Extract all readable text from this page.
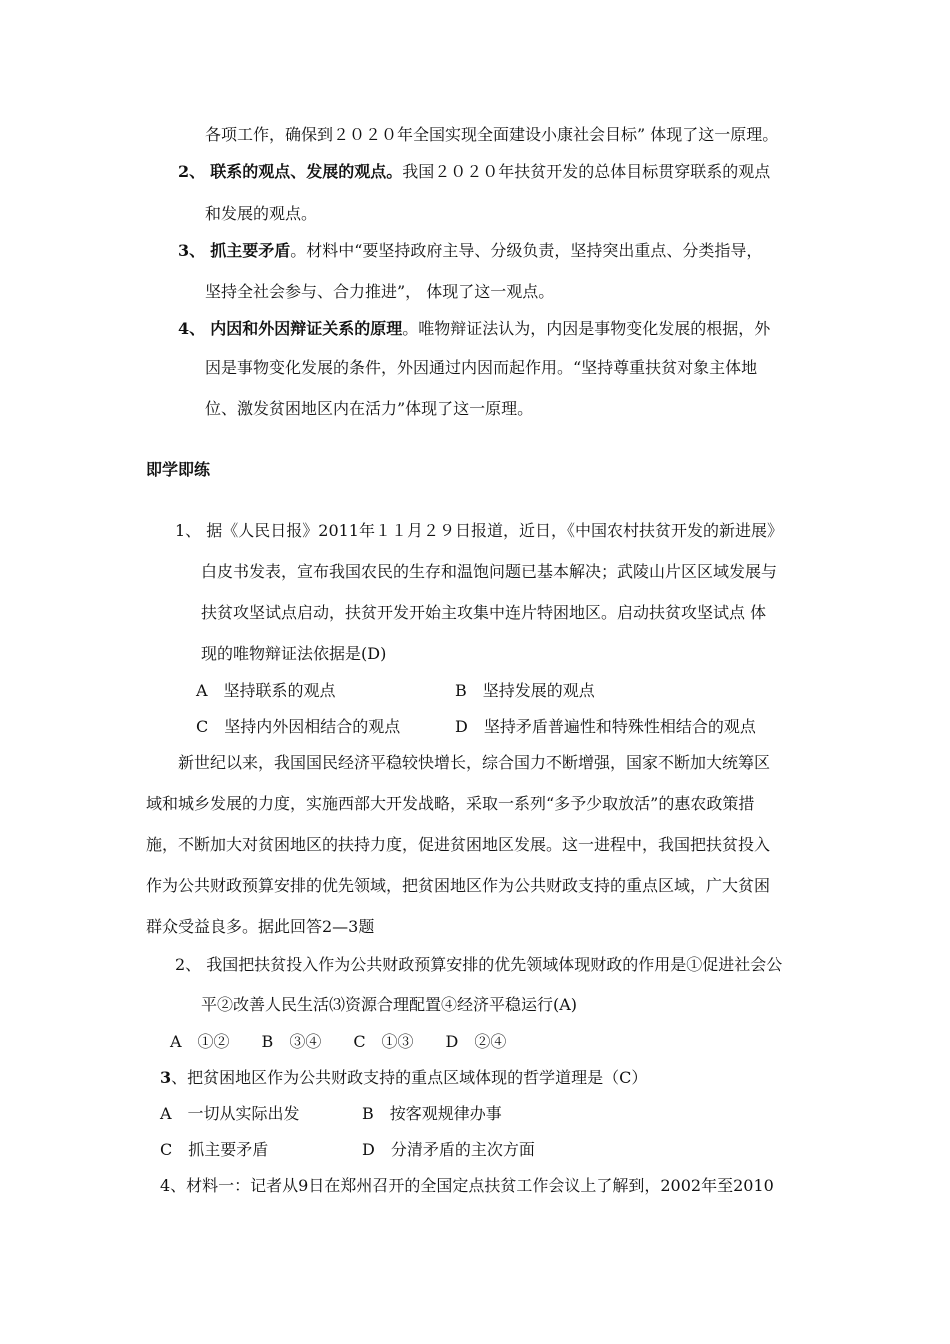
各项工作，确保到２０２０年全国实现全面建设小康社会目标” 体现了这一原理。
2、 联系的观点、发展的观点。我国２０２０年扶贫开发的总体目标贯穿联系的观点
和发展的观点。
3、 抓主要矛盾。材料中“要坚持政府主导、分级负责，坚持突出重点、分类指导，
坚持全社会参与、合力推进”， 体现了这一观点。
4、 内因和外因辩证关系的原理。唯物辩证法认为，内因是事物变化发展的根据，外
因是事物变化发展的条件，外因通过内因而起作用。“坚持尊重扶贫对象主体地
位、激发贫困地区内在活力”体现了这一原理。
即学即练
1、 据《人民日报》2011年１１月２９日报道，近日，《中国农村扶贫开发的新进展》
白皮书发表，宣布我国农民的生存和温饱问题已基本解决；武陵山片区区域发展与
扶贫攻坚试点启动，扶贫开发开始主攻集中连片特困地区。启动扶贫攻坚试点 体
现的唯物辩证法依据是(D)
A　坚持联系的观点	B　坚持发展的观点
C　坚持内外因相结合的观点	D　坚持矛盾普遍性和特殊性相结合的观点
新世纪以来，我国国民经济平稳较快增长，综合国力不断增强，国家不断加大统筹区
域和城乡发展的力度，实施西部大开发战略，采取一系列“多予少取放活”的惠农政策措
施，不断加大对贫困地区的扶持力度，促进贫困地区发展。这一进程中，我国把扶贫投入
作为公共财政预算安排的优先领域，把贫困地区作为公共财政支持的重点区域，广大贫困
群众受益良多。据此回答2—3题
2、 我国把扶贫投入作为公共财政预算安排的优先领域体现财政的作用是①促进社会公
平②改善人民生活⑶资源合理配置④经济平稳运行(A)
A　①②　　B　③④　　C　①③　　D　②④
3、把贫困地区作为公共财政支持的重点区域体现的哲学道理是（C）
A　一切从实际出发	B　按客观规律办事
C　抓主要矛盾	D　分清矛盾的主次方面
4、材料一：记者从9日在郑州召开的全国定点扶贫工作会议上了解到，2002年至2010
